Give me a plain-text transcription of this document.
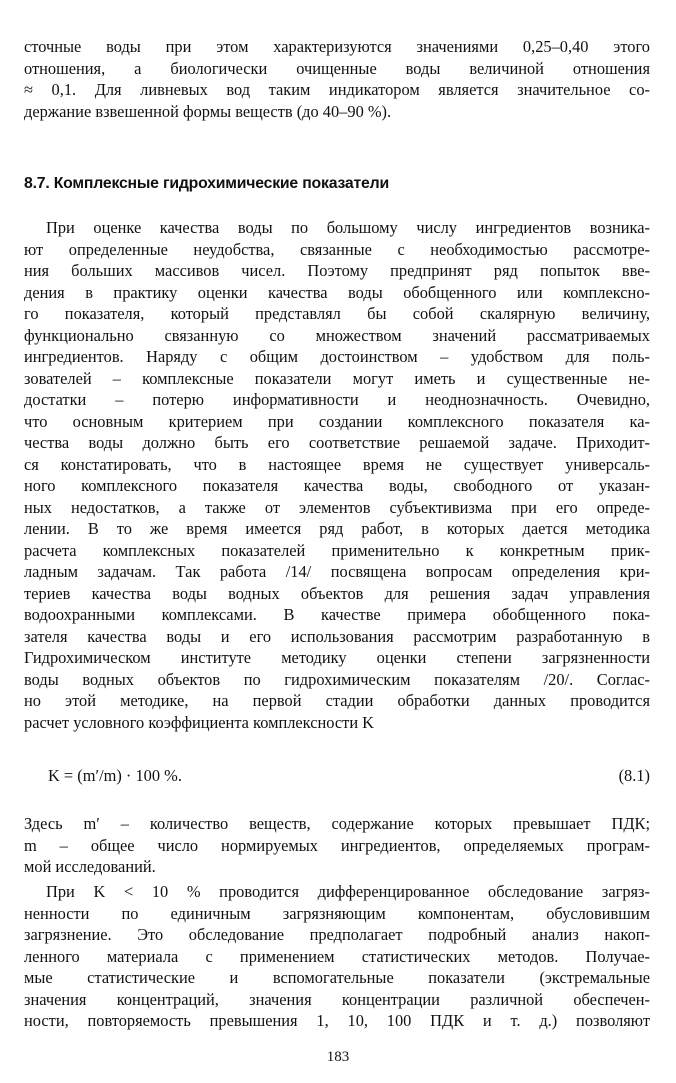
сточные воды при этом характеризуются значениями 0,25–0,40 этого
отношения, а биологически очищенные воды величиной отношения
≈ 0,1. Для ливневых вод таким индикатором является значительное со-
держание взвешенной формы веществ (до 40–90 %).

8.7. Комплексные гидрохимические показатели

При оценке качества воды по большому числу ингредиентов возника-
ют определенные неудобства, связанные с необходимостью рассмотре-
ния больших массивов чисел. Поэтому предпринят ряд попыток вве-
дения в практику оценки качества воды обобщенного или комплексно-
го показателя, который представлял бы собой скалярную величину,
функционально связанную со множеством значений рассматриваемых
ингредиентов. Наряду с общим достоинством – удобством для поль-
зователей – комплексные показатели могут иметь и существенные не-
достатки – потерю информативности и неоднозначность. Очевидно,
что основным критерием при создании комплексного показателя ка-
чества воды должно быть его соответствие решаемой задаче. Приходит-
ся констатировать, что в настоящее время не существует универсаль-
ного комплексного показателя качества воды, свободного от указан-
ных недостатков, а также от элементов субъективизма при его опреде-
лении. В то же время имеется ряд работ, в которых дается методика
расчета комплексных показателей применительно к конкретным прик-
ладным задачам. Так работа /14/ посвящена вопросам определения кри-
териев качества воды водных объектов для решения задач управления
водоохранными комплексами. В качестве примера обобщенного пока-
зателя качества воды и его использования рассмотрим разработанную в
Гидрохимическом институте методику оценки степени загрязненности
воды водных объектов по гидрохимическим показателям /20/. Соглас-
но этой методике, на первой стадии обработки данных проводится
расчет условного коэффициента комплексности K

K = (m′/m) · 100 %.	(8.1)

Здесь m′ – количество веществ, содержание которых превышает ПДК;
m – общее число нормируемых ингредиентов, определяемых програм-
мой исследований.

При K < 10 % проводится дифференцированное обследование загряз-
ненности по единичным загрязняющим компонентам, обусловившим
загрязнение. Это обследование предполагает подробный анализ накоп-
ленного материала с применением статистических методов. Получае-
мые статистические и вспомогательные показатели (экстремальные
значения концентраций, значения концентрации различной обеспечен-
ности, повторяемость превышения 1, 10, 100 ПДК и т. д.) позволяют

183
